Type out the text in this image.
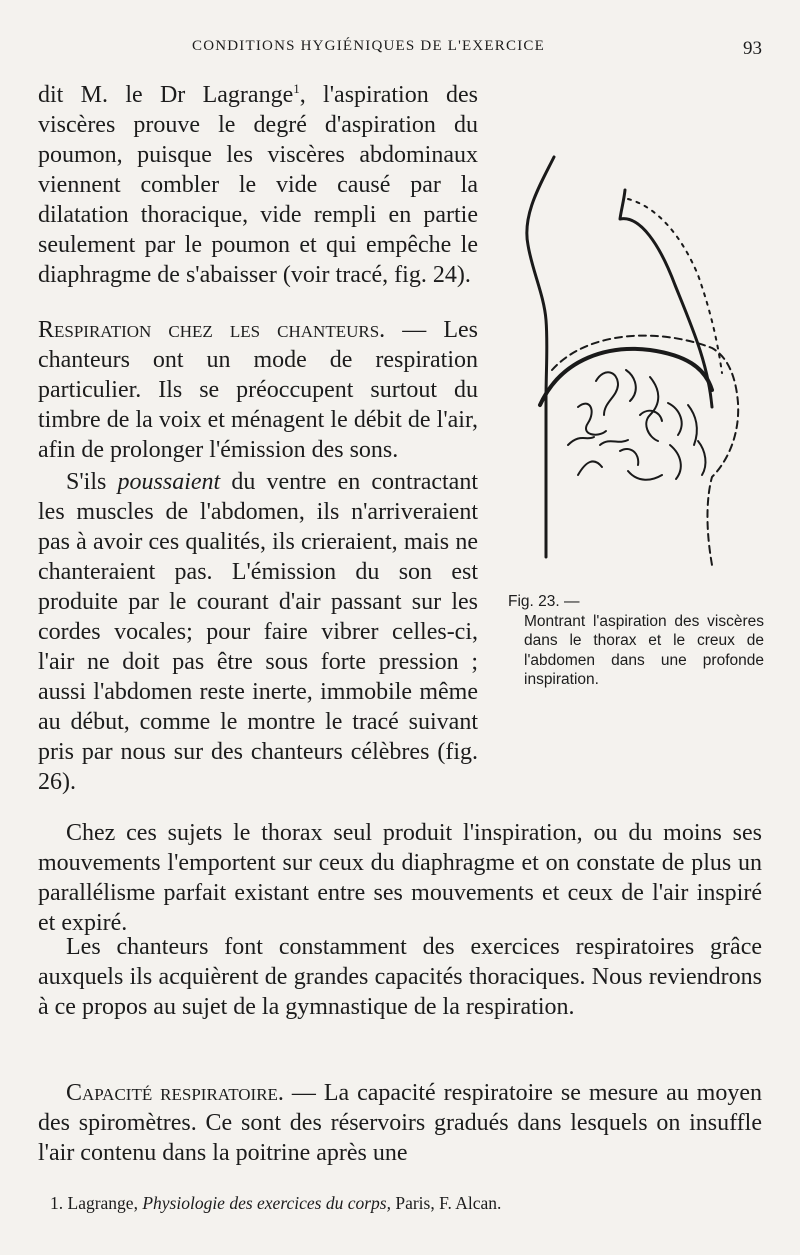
CONDITIONS HYGIÉNIQUES DE L'EXERCICE	93

dit M. le Dr Lagrange$^1$, l'aspiration des viscères prouve le degré d'aspiration du poumon, puisque les viscères abdominaux viennent combler le vide causé par la dilatation thoracique, vide rempli en partie seulement par le poumon et qui empêche le diaphragme de s'abaisser (voir tracé, fig. 24).

Respiration chez les chanteurs. — Les chanteurs ont un mode de respiration particulier. Ils se préoccupent surtout du timbre de la voix et ménagent le débit de l'air, afin de prolonger l'émission des sons.

S'ils poussaient du ventre en contractant les muscles de l'abdomen, ils n'arriveraient pas à avoir ces qualités, ils crieraient, mais ne chanteraient pas. L'émission du son est produite par le courant d'air passant sur les cordes vocales; pour faire vibrer celles-ci, l'air ne doit pas être sous forte pression ; aussi l'abdomen reste inerte, immobile même au début, comme le montre le tracé suivant pris par nous sur des chanteurs célèbres (fig. 26).

Chez ces sujets le thorax seul produit l'inspiration, ou du moins ses mouvements l'emportent sur ceux du diaphragme et on constate de plus un parallélisme parfait existant entre ses mouvements et ceux de l'air inspiré et expiré.

Les chanteurs font constamment des exercices respiratoires grâce auxquels ils acquièrent de grandes capacités thoraciques. Nous reviendrons à ce propos au sujet de la gymnastique de la respiration.

Capacité respiratoire. — La capacité respiratoire se mesure au moyen des spiromètres. Ce sont des réservoirs gradués dans lesquels on insuffle l'air contenu dans la poitrine après une

Fig. 23. —
Montrant l'aspiration des viscères dans le thorax et le creux de l'abdomen dans une profonde inspiration.
1. Lagrange, Physiologie des exercices du corps, Paris, F. Alcan.
